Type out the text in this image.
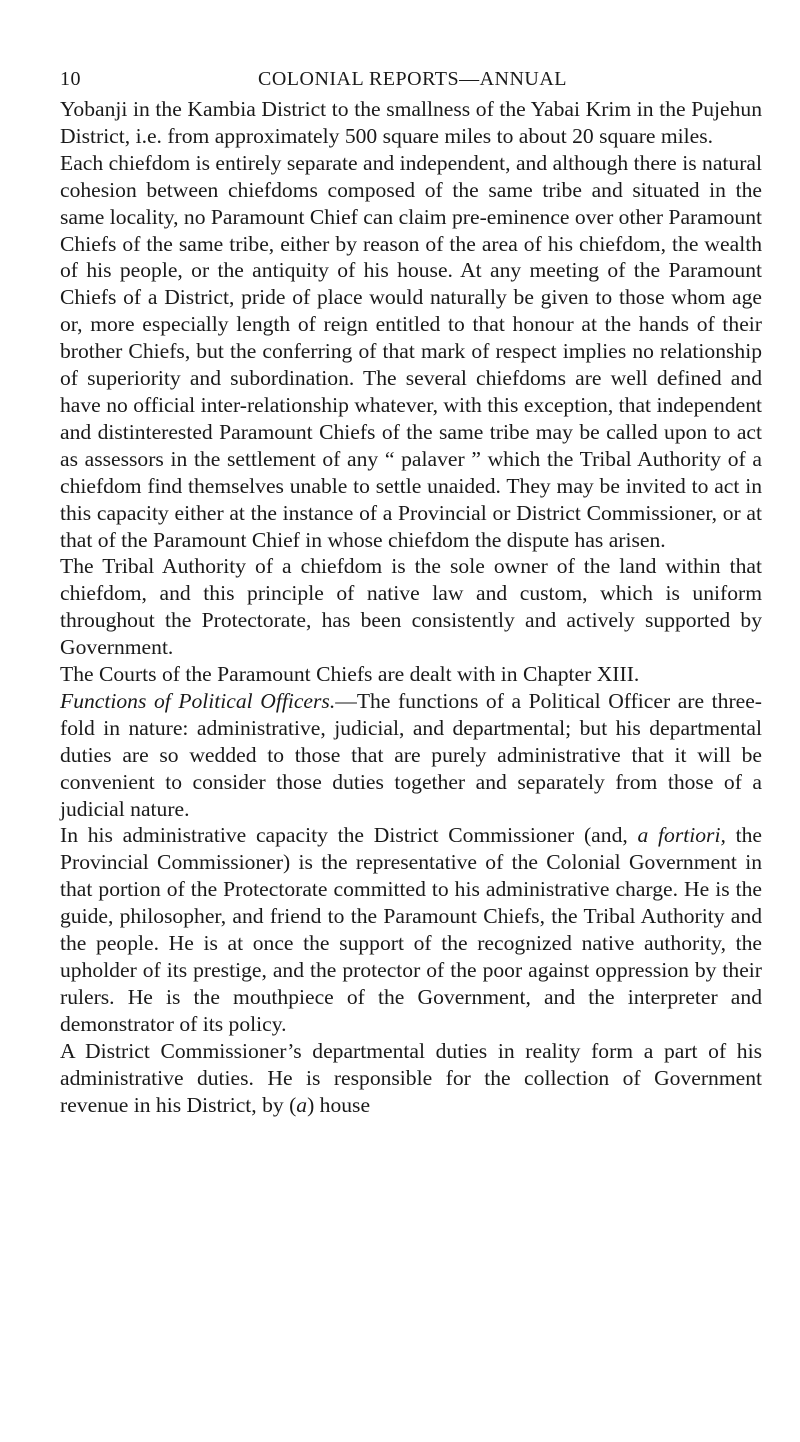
10	COLONIAL REPORTS—ANNUAL

Yobanji in the Kambia District to the smallness of the Yabai Krim in the Pujehun District, i.e. from approximately 500 square miles to about 20 square miles.

Each chiefdom is entirely separate and independent, and although there is natural cohesion between chiefdoms composed of the same tribe and situated in the same locality, no Paramount Chief can claim pre-eminence over other Paramount Chiefs of the same tribe, either by reason of the area of his chiefdom, the wealth of his people, or the antiquity of his house. At any meeting of the Paramount Chiefs of a District, pride of place would naturally be given to those whom age or, more especially length of reign entitled to that honour at the hands of their brother Chiefs, but the conferring of that mark of respect implies no relationship of superiority and subordination. The several chiefdoms are well defined and have no official inter-relationship whatever, with this exception, that independent and distinterested Paramount Chiefs of the same tribe may be called upon to act as assessors in the settlement of any “ palaver ” which the Tribal Authority of a chiefdom find themselves unable to settle unaided. They may be invited to act in this capacity either at the instance of a Provincial or District Commissioner, or at that of the Paramount Chief in whose chiefdom the dispute has arisen.

The Tribal Authority of a chiefdom is the sole owner of the land within that chiefdom, and this principle of native law and custom, which is uniform throughout the Protectorate, has been consistently and actively supported by Government.

The Courts of the Paramount Chiefs are dealt with in Chapter XIII.

Functions of Political Officers.—The functions of a Political Officer are three-fold in nature: administrative, judicial, and departmental; but his departmental duties are so wedded to those that are purely administrative that it will be convenient to consider those duties together and separately from those of a judicial nature.

In his administrative capacity the District Commissioner (and, a fortiori, the Provincial Commissioner) is the representative of the Colonial Government in that portion of the Protectorate committed to his administrative charge. He is the guide, philosopher, and friend to the Paramount Chiefs, the Tribal Authority and the people. He is at once the support of the recognized native authority, the upholder of its prestige, and the protector of the poor against oppression by their rulers. He is the mouthpiece of the Government, and the interpreter and demonstrator of its policy.

A District Commissioner’s departmental duties in reality form a part of his administrative duties. He is responsible for the collection of Government revenue in his District, by (a) house
